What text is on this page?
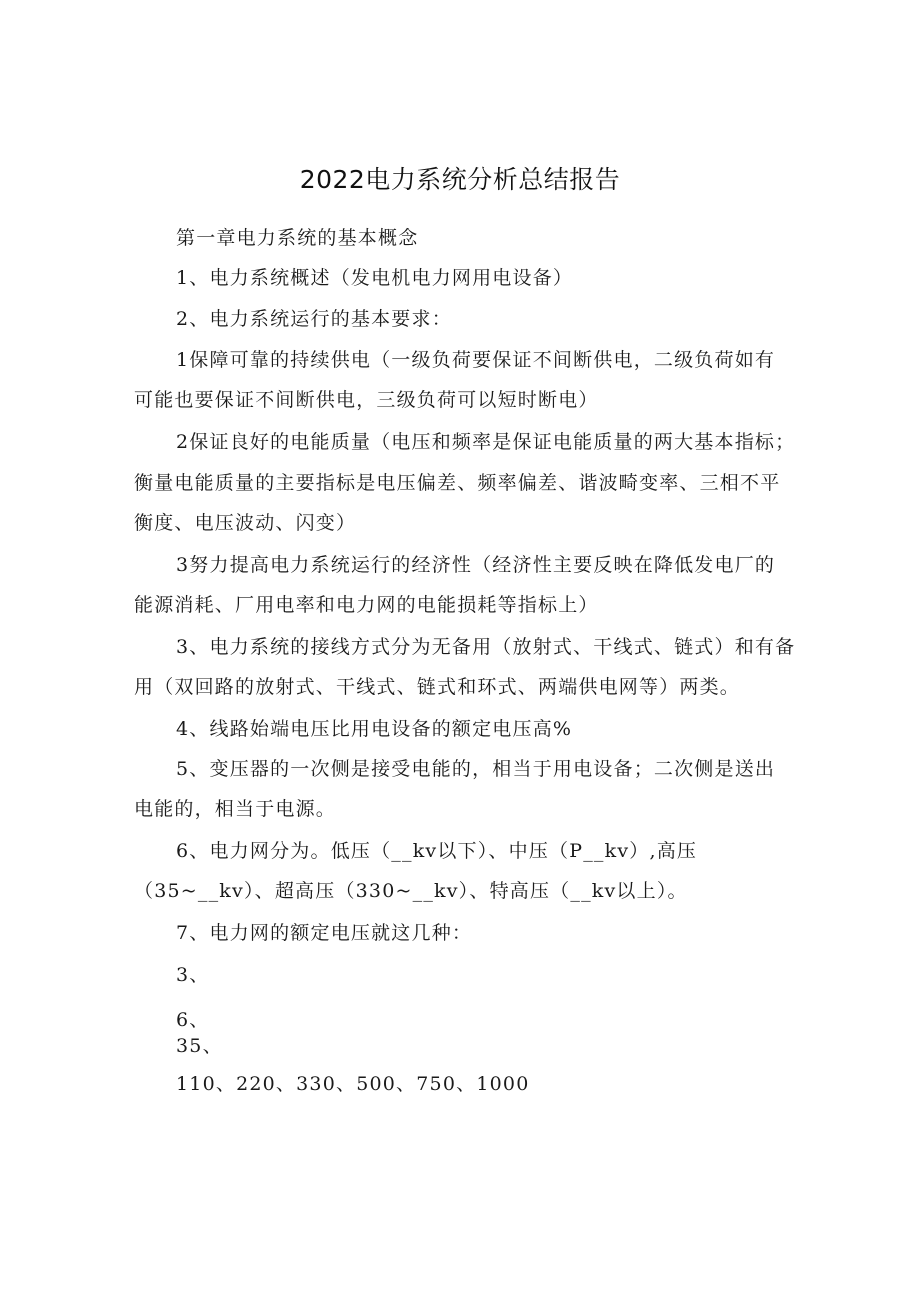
2022电力系统分析总结报告
第一章电力系统的基本概念
1、电力系统概述（发电机电力网用电设备）
2、电力系统运行的基本要求：
1保障可靠的持续供电（一级负荷要保证不间断供电，二级负荷如有
可能也要保证不间断供电，三级负荷可以短时断电）
2保证良好的电能质量（电压和频率是保证电能质量的两大基本指标；
衡量电能质量的主要指标是电压偏差、频率偏差、谐波畸变率、三相不平
衡度、电压波动、闪变）
3努力提高电力系统运行的经济性（经济性主要反映在降低发电厂的
能源消耗、厂用电率和电力网的电能损耗等指标上）
3、电力系统的接线方式分为无备用（放射式、干线式、链式）和有备
用（双回路的放射式、干线式、链式和环式、两端供电网等）两类。
4、线路始端电压比用电设备的额定电压高%
5、变压器的一次侧是接受电能的，相当于用电设备；二次侧是送出
电能的，相当于电源。
6、电力网分为。低压（__kv以下）、中压（P__kv）,高压
（35~__kv）、超高压（330~__kv）、特高压（__kv以上）。
7、电力网的额定电压就这几种：
3、
6、
35、
110、220、330、500、750、1000
